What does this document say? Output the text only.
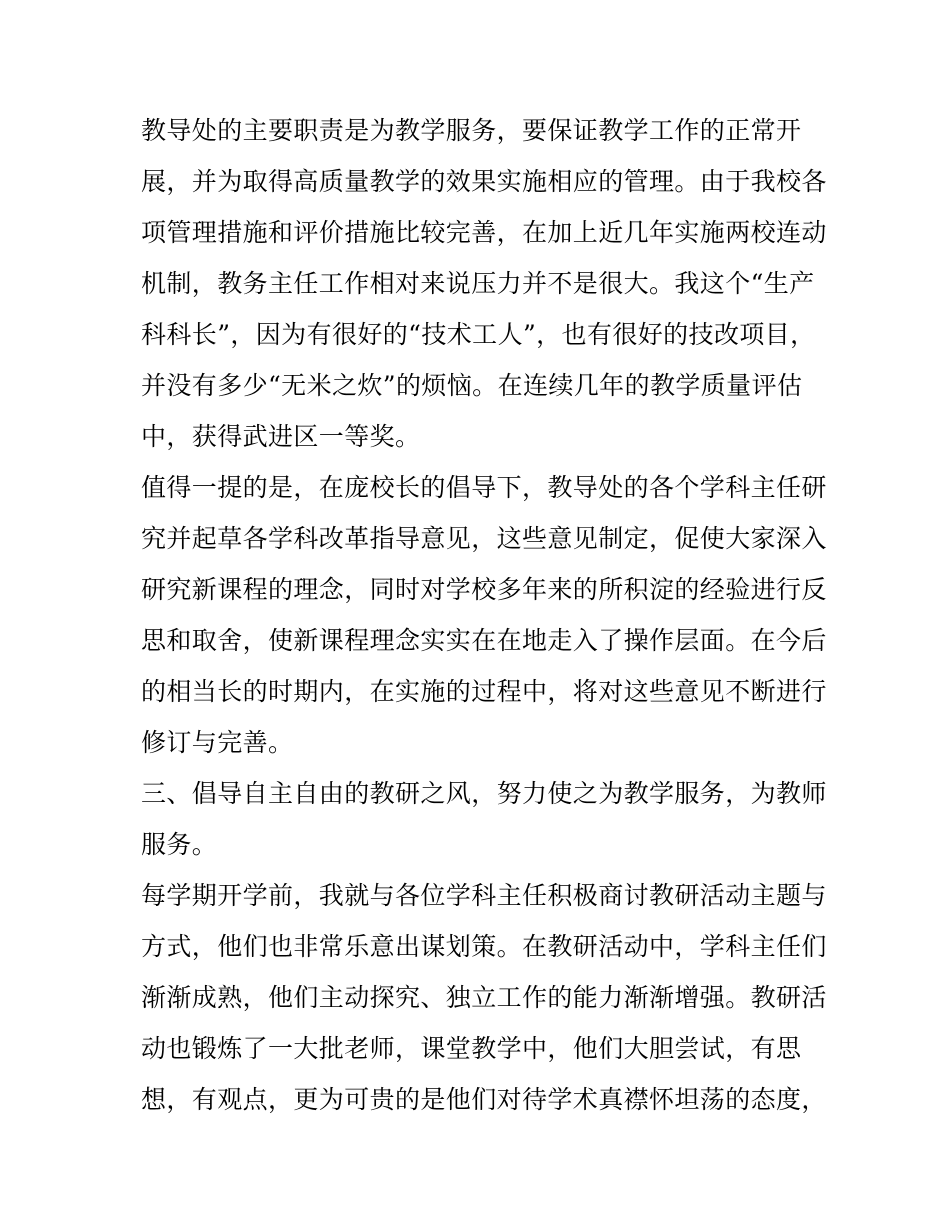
教导处的主要职责是为教学服务，要保证教学工作的正常开
展，并为取得高质量教学的效果实施相应的管理。由于我校各
项管理措施和评价措施比较完善，在加上近几年实施两校连动
机制，教务主任工作相对来说压力并不是很大。我这个“生产
科科长”，因为有很好的“技术工人”，也有很好的技改项目，
并没有多少“无米之炊”的烦恼。在连续几年的教学质量评估
中，获得武进区一等奖。
值得一提的是，在庞校长的倡导下，教导处的各个学科主任研
究并起草各学科改革指导意见，这些意见制定，促使大家深入
研究新课程的理念，同时对学校多年来的所积淀的经验进行反
思和取舍，使新课程理念实实在在地走入了操作层面。在今后
的相当长的时期内，在实施的过程中，将对这些意见不断进行
修订与完善。
三、倡导自主自由的教研之风，努力使之为教学服务，为教师
服务。
每学期开学前，我就与各位学科主任积极商讨教研活动主题与
方式，他们也非常乐意出谋划策。在教研活动中，学科主任们
渐渐成熟，他们主动探究、独立工作的能力渐渐增强。教研活
动也锻炼了一大批老师，课堂教学中，他们大胆尝试，有思
想，有观点，更为可贵的是他们对待学术真襟怀坦荡的态度，
